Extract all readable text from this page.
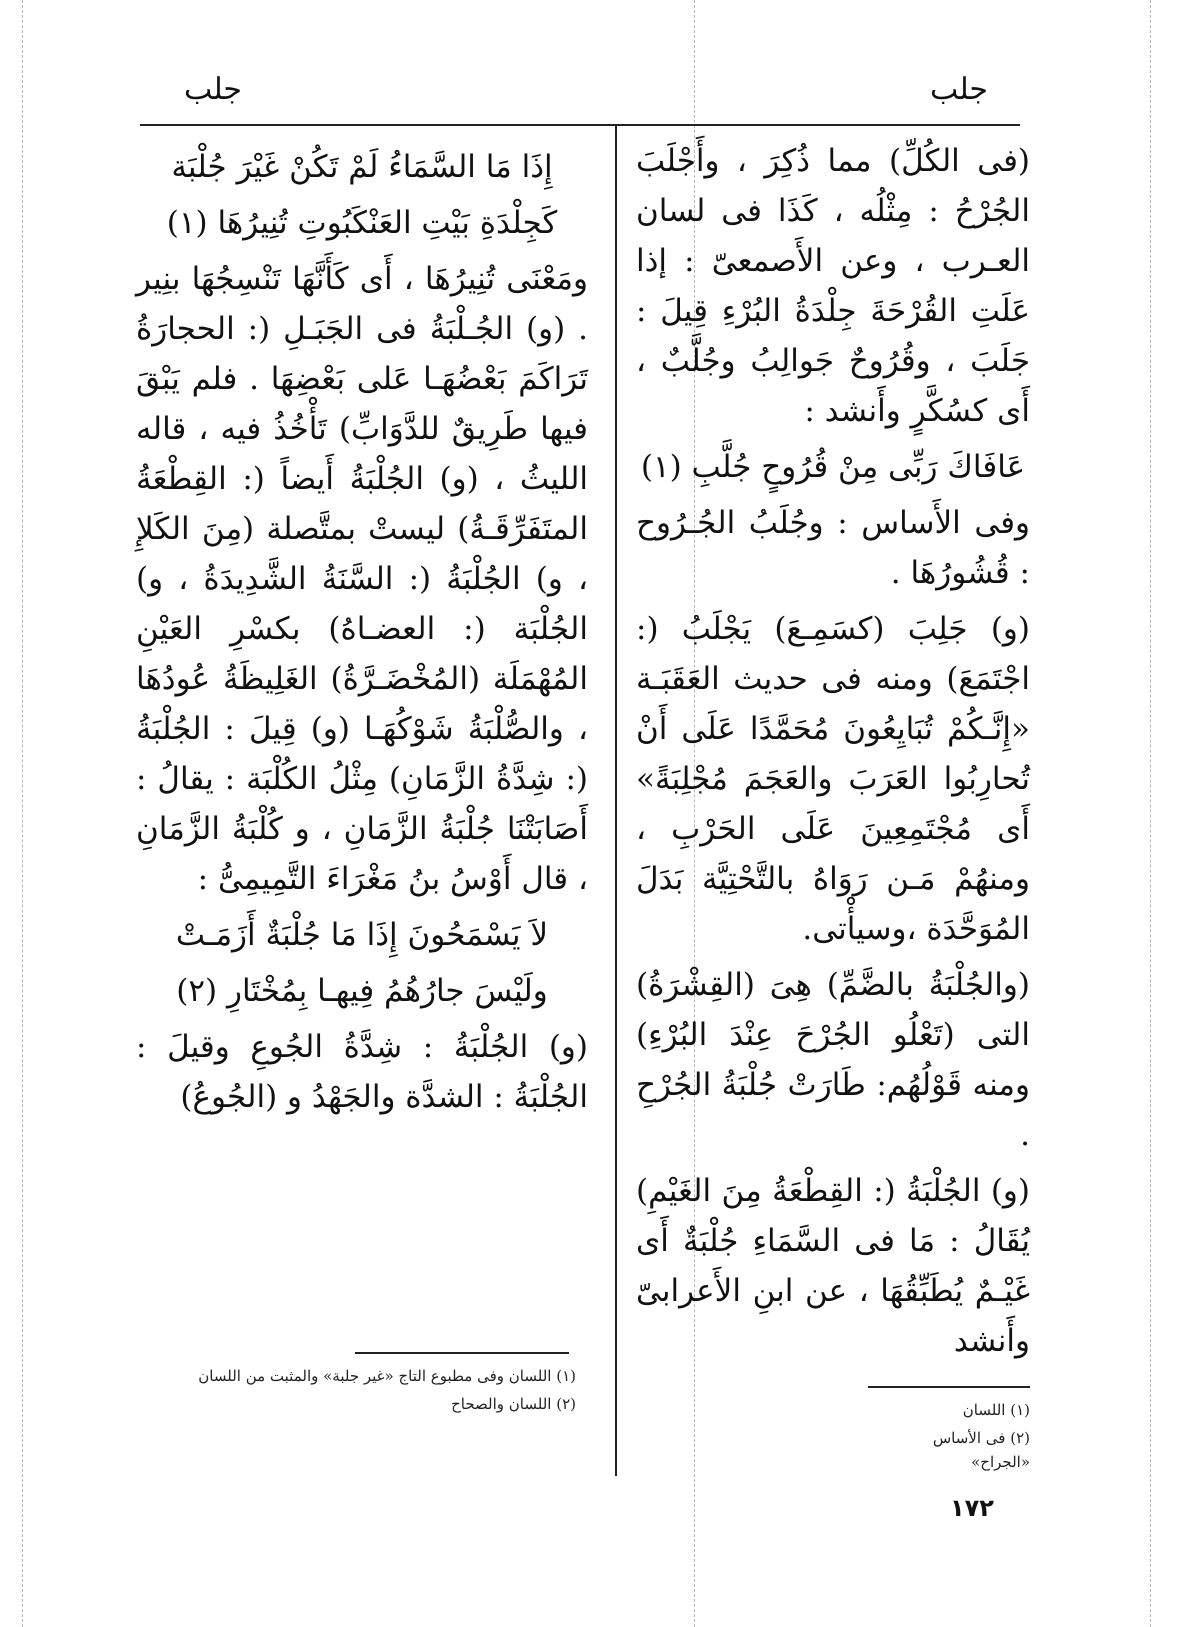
جلب	جلب

(فى الكُلِّ) مما ذُكِرَ ، وأَجْلَبَ الجُرْحُ : مِثْلُه ، كَذَا فى لسان العـرب ، وعن الأَصمعىّ : إذا عَلَتِ القُرْحَةَ جِلْدَةُ البُرْءِ قِيلَ : جَلَبَ ، وقُرُوحٌ جَوالِبُ وجُلَّبٌ ، أَى كسُكَّرٍ وأَنشد :

عَافَاكَ رَبِّى مِنْ قُرُوحٍ جُلَّبِ (١)

وفى الأَساس : وجُلَبُ الجُـرُوح : قُشُورُهَا .

(و) جَلِبَ (كسَمِـعَ) يَجْلَبُ (: اجْتَمَعَ) ومنه فى حديث العَقَبَـة «إِنَّـكُمْ تُبَايِعُونَ مُحَمَّدًا عَلَى أَنْ تُحارِبُوا العَرَبَ والعَجَمَ مُجْلِبَةً» أَى مُجْتَمِعِينَ عَلَى الحَرْبِ ، ومنهُمْ مَـن رَوَاهُ بالتَّحْتِيَّة بَدَلَ المُوَحَّدَة ،وسيأْتى.

(والجُلْبَةُ بالضَّمِّ) هِىَ (القِشْرَةُ) التى (تَعْلُو الجُرْحَ عِنْدَ البُرْءِ) ومنه قَوْلُهُم: طَارَتْ جُلْبَةُ الجُرْحِ .

(و) الجُلْبَةُ (: القِطْعَةُ مِنَ الغَيْمِ) يُقَالُ : مَا فى السَّمَاءِ جُلْبَةٌ أَى غَيْـمٌ يُطَبِّقُهَا ، عن ابنِ الأَعرابىّ وأَنشد

إِذَا مَا السَّمَاءُ لَمْ تَكُنْ غَيْرَ جُلْبَة

كَجِلْدَةِ بَيْتِ العَنْكَبُوتِ تُنِيرُهَا (١)

ومَعْنَى تُنِيرُهَا ، أَى كَأَنَّهَا تَنْسِجُهَا بنِير . (و) الجُـلْبَةُ فى الجَبَـلِ (: الحجارَةُ تَرَاكَمَ بَعْضُهَـا عَلى بَعْضِهَا . فلم يَبْقَ فيها طَرِيقٌ للدَّوَابِّ) تَأْخُذُ فيه ، قاله الليثُ ، (و) الجُلْبَةُ أَيضاً (: القِطْعَةُ المتَفَرِّقَـةُ) ليستْ بمتَّصلة (مِنَ الكَلإِ ، و) الجُلْبَةُ (: السَّنَةُ الشَّدِيدَةُ ، و) الجُلْبَة (: العضـاهُ) بكسْرِ العَيْنِ المُهْمَلَة (المُخْضَـرَّةُ) الغَلِيظَةُ عُودُهَا ، والصُّلْبَةُ شَوْكُهَـا (و) قِيلَ : الجُلْبَةُ (: شِدَّةُ الزَّمَانِ) مِثْلُ الكُلْبَة : يقالُ : أَصَابَتْنَا جُلْبَةُ الزَّمَانِ ، و كُلْبَةُ الزَّمَانِ ، قال أَوْسُ بنُ مَغْرَاءَ التَّمِيمِىُّ :

لاَ يَسْمَحُونَ إِذَا مَا جُلْبَةٌ أَزَمَـتْ

ولَيْسَ جارُهُمُ فِيهـا بِمُخْتَارِ (٢)

(و) الجُلْبَةُ : شِدَّةُ الجُوعِ وقيلَ : الجُلْبَةُ : الشدَّة والجَهْدُ و (الجُوعُ)

(١) اللسان
(٢) فى الأساس «الجراح»
(١) اللسان وفى مطبوع التاج «غير جلبة» والمثبت من اللسان
(٢) اللسان والصحاح
١٧٢
